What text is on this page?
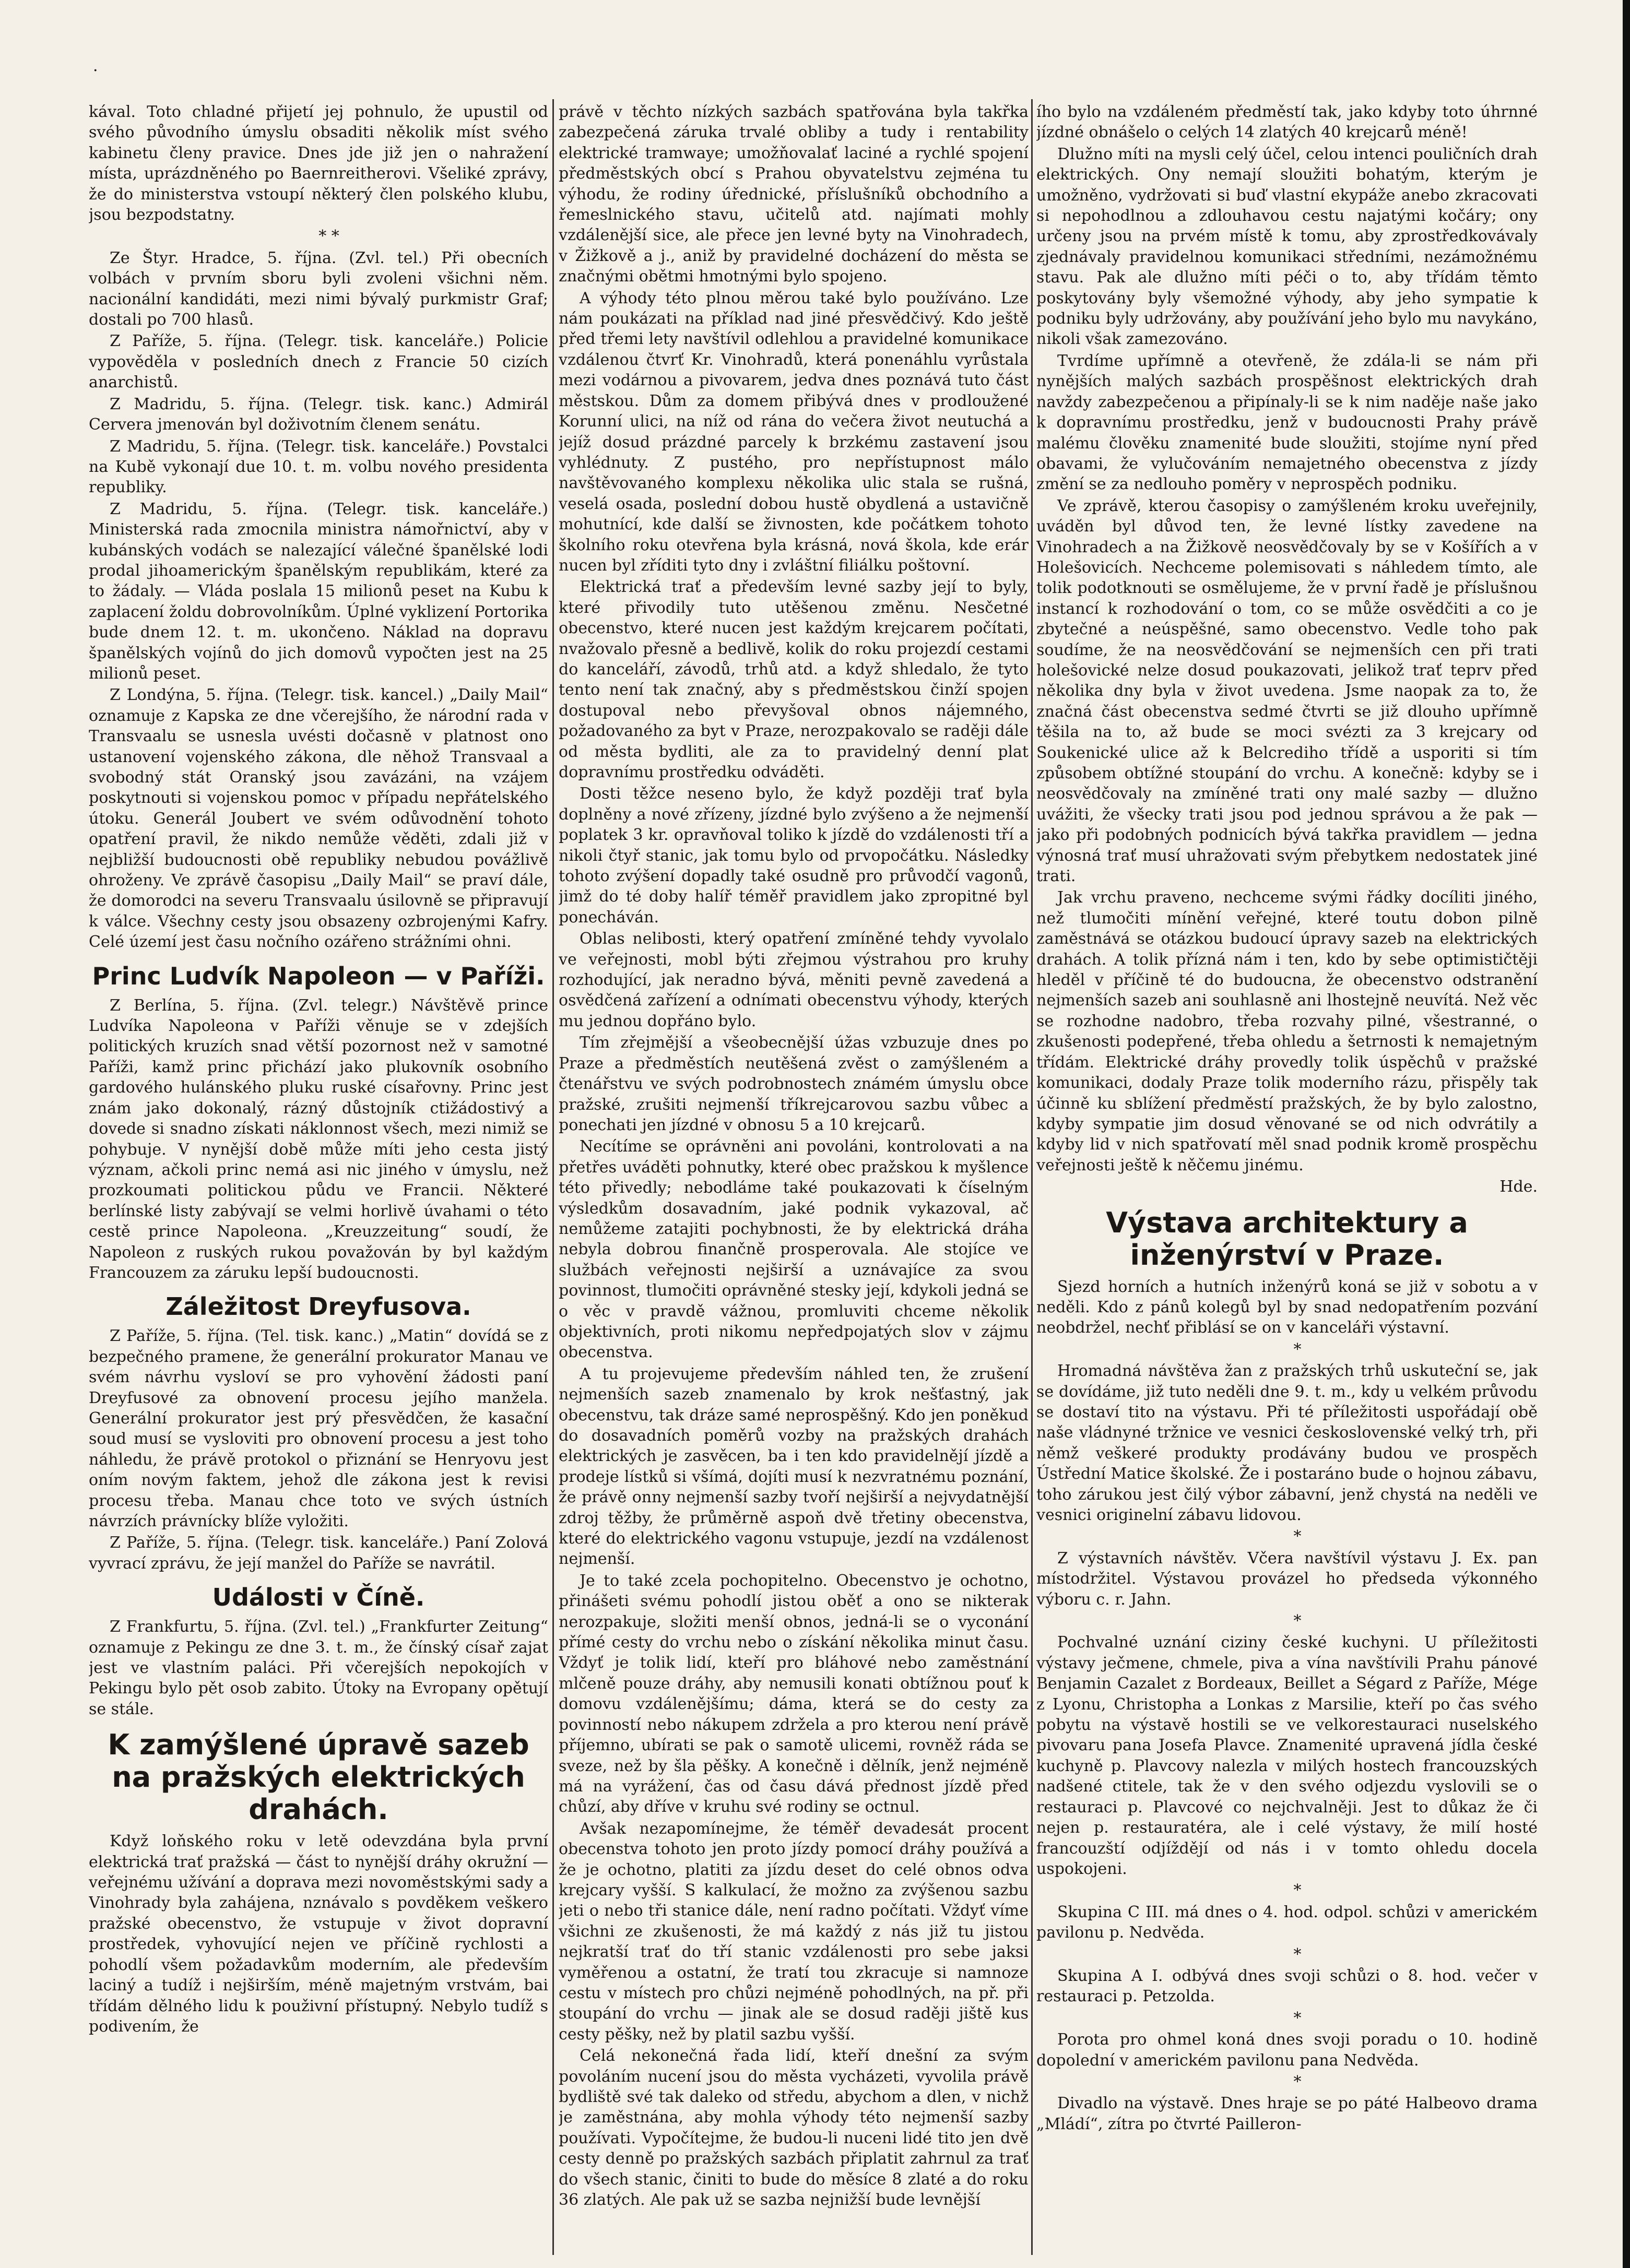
·

kával. Toto chladné přijetí jej pohnulo, že upustil od svého původního úmyslu obsaditi několik míst svého kabinetu členy pravice. Dnes jde již jen o nahražení místa, uprázdněného po Baernreitherovi. Všeliké zprávy, že do ministerstva vstoupí některý člen polského klubu, jsou bezpodstatny.

* *

Ze Štyr. Hradce, 5. října. (Zvl. tel.) Při obecních volbách v prvním sboru byli zvoleni všichni něm. nacionální kandidáti, mezi nimi bývalý purkmistr Graf; dostali po 700 hlasů.

Z Paříže, 5. října. (Telegr. tisk. kanceláře.) Policie vypověděla v posledních dnech z Francie 50 cizích anarchistů.

Z Madridu, 5. října. (Telegr. tisk. kanc.) Admirál Cervera jmenován byl doživotním členem senátu.

Z Madridu, 5. října. (Telegr. tisk. kanceláře.) Povstalci na Kubě vykonají due 10. t. m. volbu nového presidenta republiky.

Z Madridu, 5. října. (Telegr. tisk. kanceláře.) Ministerská rada zmocnila ministra námořnictví, aby v kubánských vodách se nalezající válečné španělské lodi prodal jihoamerickým španělským republikám, které za to žádaly. — Vláda poslala 15 milionů peset na Kubu k zaplacení žoldu dobrovolníkům. Úplné vyklizení Portorika bude dnem 12. t. m. ukončeno. Náklad na dopravu španělských vojínů do jich domovů vypočten jest na 25 milionů peset.

Z Londýna, 5. října. (Telegr. tisk. kancel.) „Daily Mail“ oznamuje z Kapska ze dne včerejšího, že národní rada v Transvaalu se usnesla uvésti dočasně v platnost ono ustanovení vojenského zákona, dle něhož Transvaal a svobodný stát Oranský jsou zavázáni, na vzájem poskytnouti si vojenskou pomoc v případu nepřátelského útoku. Generál Joubert ve svém odůvodnění tohoto opatření pravil, že nikdo nemůže věděti, zdali již v nejbližší budoucnosti obě republiky nebudou povážlivě ohroženy. Ve zprávě časopisu „Daily Mail“ se praví dále, že domorodci na severu Transvaalu úsilovně se připravují k válce. Všechny cesty jsou obsazeny ozbrojenými Kafry. Celé území jest času nočního ozářeno strážními ohni.

Princ Ludvík Napoleon — v Paříži.

Z Berlína, 5. října. (Zvl. telegr.) Návštěvě prince Ludvíka Napoleona v Paříži věnuje se v zdejších politických kruzích snad větší pozornost než v samotné Paříži, kamž princ přichází jako plukovník osobního gardového hulánského pluku ruské císařovny. Princ jest znám jako dokonalý, rázný důstojník ctižádostivý a dovede si snadno získati náklonnost všech, mezi nimiž se pohybuje. V nynější době může míti jeho cesta jistý význam, ačkoli princ nemá asi nic jiného v úmyslu, než prozkoumati politickou půdu ve Francii. Některé berlínské listy zabývají se velmi horlivě úvahami o této cestě prince Napoleona. „Kreuzzeitung“ soudí, že Napoleon z ruských rukou považován by byl každým Francouzem za záruku lepší budoucnosti.

Záležitost Dreyfusova.

Z Paříže, 5. října. (Tel. tisk. kanc.) „Matin“ dovídá se z bezpečného pramene, že generální prokurator Manau ve svém návrhu vysloví se pro vyhovění žádosti paní Dreyfusové za obnovení procesu jejího manžela. Generální prokurator jest prý přesvědčen, že kasační soud musí se vysloviti pro obnovení procesu a jest toho náhledu, že právě protokol o přiznání se Henryovu jest oním novým faktem, jehož dle zákona jest k revisi procesu třeba. Manau chce toto ve svých ústních návrzích právnícky blíže vyložiti.

Z Paříže, 5. října. (Telegr. tisk. kanceláře.) Paní Zolová vyvrací zprávu, že její manžel do Paříže se navrátil.

Události v Číně.

Z Frankfurtu, 5. října. (Zvl. tel.) „Frankfurter Zeitung“ oznamuje z Pekingu ze dne 3. t. m., že čínský císař zajat jest ve vlastním paláci. Při včerejších nepokojích v Pekingu bylo pět osob zabito. Útoky na Evropany opětují se stále.

K zamýšlené úpravě sazeb na pražských elektrických drahách.

Když loňského roku v letě odevzdána byla první elektrická trať pražská — část to nynější dráhy okružní — veřejnému užívání a doprava mezi novoměstskými sady a Vinohrady byla zahájena, nznávalo s povděkem veškero pražské obecenstvo, že vstupuje v život dopravní prostředek, vyhovující nejen ve příčině rychlosti a pohodlí všem požadavkům moderním, ale především laciný a tudíž i nejširším, méně majetným vrstvám, bai třídám dělného lidu k použivní přístupný. Nebylo tudíž s podivením, že

právě v těchto nízkých sazbách spatřována byla takřka zabezpečená záruka trvalé obliby a tudy i rentability elektrické tramwaye; umožňovalať laciné a rychlé spojení předměstských obcí s Prahou obyvatelstvu zejména tu výhodu, že rodiny úřednické, příslušníků obchodního a řemeslnického stavu, učitelů atd. najímati mohly vzdálenější sice, ale přece jen levné byty na Vinohradech, v Žižkově a j., aniž by pravidelné docházení do města se značnými obětmi hmotnými bylo spojeno.

A výhody této plnou měrou také bylo používáno. Lze nám poukázati na příklad nad jiné přesvědčivý. Kdo ještě před třemi lety navštívil odlehlou a pravidelné komunikace vzdálenou čtvrť Kr. Vinohradů, která ponenáhlu vyrůstala mezi vodárnou a pivovarem, jedva dnes poznává tuto část městskou. Dům za domem přibývá dnes v prodloužené Korunní ulici, na níž od rána do večera život neutuchá a jejíž dosud prázdné parcely k brzkému zastavení jsou vyhlédnuty. Z pustého, pro nepřístupnost málo navštěvovaného komplexu několika ulic stala se rušná, veselá osada, poslední dobou hustě obydlená a ustavičně mohutnící, kde další se živnosten, kde počátkem tohoto školního roku otevřena byla krásná, nová škola, kde erár nucen byl zříditi tyto dny i zvláštní filiálku poštovní.

Elektrická trať a především levné sazby její to byly, které přivodily tuto utěšenou změnu. Nesčetné obecenstvo, které nucen jest každým krejcarem počítati, nvažovalo přesně a bedlivě, kolik do roku projezdí cestami do kanceláří, závodů, trhů atd. a když shledalo, že tyto tento není tak značný, aby s předměstskou činží spojen dostupoval nebo převyšoval obnos nájemného, požadovaného za byt v Praze, nerozpakovalo se raději dále od města bydliti, ale za to pravidelný denní plat dopravnímu prostředku odváděti.

Dosti těžce neseno bylo, že když později trať byla doplněny a nové zřízeny, jízdné bylo zvýšeno a že nejmenší poplatek 3 kr. opravňoval toliko k jízdě do vzdálenosti tří a nikoli čtyř stanic, jak tomu bylo od prvopočátku. Následky tohoto zvýšení dopadly také osudně pro průvodčí vagonů, jimž do té doby halíř téměř pravidlem jako zpropitné byl ponecháván.

Oblas nelibosti, který opatření zmíněné tehdy vyvolalo ve veřejnosti, mobl býti zřejmou výstrahou pro kruhy rozhodující, jak neradno bývá, měniti pevně zavedená a osvědčená zařízení a odnímati obecenstvu výhody, kterých mu jednou dopřáno bylo.

Tím zřejmější a všeobecnější úžas vzbuzuje dnes po Praze a předměstích neutěšená zvěst o zamýšleném a čtenářstvu ve svých podrobnostech známém úmyslu obce pražské, zrušiti nejmenší tříkrejcarovou sazbu vůbec a ponechati jen jízdné v obnosu 5 a 10 krejcarů.

Necítíme se oprávněni ani povoláni, kontrolovati a na přetřes uváděti pohnutky, které obec pražskou k myšlence této přivedly; nebodláme také poukazovati k číselným výsledkům dosavadním, jaké podnik vykazoval, ač nemůžeme zatajiti pochybnosti, že by elektrická dráha nebyla dobrou finančně prosperovala. Ale stojíce ve službách veřejnosti nejširší a uznávajíce za svou povinnost, tlumočiti oprávněné stesky její, kdykoli jedná se o věc v pravdě vážnou, promluviti chceme několik objektivních, proti nikomu nepředpojatých slov v zájmu obecenstva.

A tu projevujeme především náhled ten, že zrušení nejmenších sazeb znamenalo by krok nešťastný, jak obecenstvu, tak dráze samé neprospěšný. Kdo jen poněkud do dosavadních poměrů vozby na pražských drahách elektrických je zasvěcen, ba i ten kdo pravidelnějí jízdě a prodeje lístků si všímá, dojíti musí k nezvratnému poznání, že právě onny nejmenší sazby tvoří nejširší a nejvydatnější zdroj těžby, že průměrně aspoň dvě třetiny obecenstva, které do elektrického vagonu vstupuje, jezdí na vzdálenost nejmenší.

Je to také zcela pochopitelno. Obecenstvo je ochotno, přinášeti svému pohodlí jistou oběť a ono se nikterak nerozpakuje, složiti menší obnos, jedná-li se o vyconání přímé cesty do vrchu nebo o získání několika minut času. Vždyť je tolik lidí, kteří pro bláhové nebo zaměstnání mlčeně pouze dráhy, aby nemusili konati obtížnou pouť k domovu vzdálenějšímu; dáma, která se do cesty za povinností nebo nákupem zdržela a pro kterou není právě příjemno, ubírati se pak o samotě ulicemi, rovněž ráda se sveze, než by šla pěšky. A konečně i dělník, jenž nejméně má na vyrážení, čas od času dává přednost jízdě před chůzí, aby dříve v kruhu své rodiny se octnul.

Avšak nezapomínejme, že téměř devadesát procent obecenstva tohoto jen proto jízdy pomocí dráhy používá a že je ochotno, platiti za jízdu deset do celé obnos odva krejcary vyšší. S kalkulací, že možno za zvýšenou sazbu jeti o nebo tři stanice dále, není radno počítati. Vždyť víme všichni ze zkušenosti, že má každý z nás již tu jistou nejkratší trať do tří stanic vzdálenosti pro sebe jaksi vyměřenou a ostatní, že tratí tou zkracuje si namnoze cestu v místech pro chůzi nejméně pohodlných, na př. při stoupání do vrchu — jinak ale se dosud raději jiště kus cesty pěšky, než by platil sazbu vyšší.

Celá nekonečná řada lidí, kteří dnešní za svým povoláním nucení jsou do města vycházeti, vyvolila právě bydliště své tak daleko od středu, abychom a dlen, v nichž je zaměstnána, aby mohla výhody této nejmenší sazby používati. Vypočítejme, že budou-li nuceni lidé tito jen dvě cesty denně po pražských sazbách připlatit zahrnul za trať do všech stanic, činiti to bude do měsíce 8 zlaté a do roku 36 zlatých. Ale pak už se sazba nejnižší bude levnější

ího bylo na vzdáleném předměstí tak, jako kdyby toto úhrnné jízdné obnášelo o celých 14 zlatých 40 krejcarů méně!

Dlužno míti na mysli celý účel, celou intenci pouličních drah elektrických. Ony nemají sloužiti bohatým, kterým je umožněno, vydržovati si buď vlastní ekypáže anebo zkracovati si nepohodlnou a zdlouhavou cestu najatými kočáry; ony určeny jsou na prvém místě k tomu, aby zprostředkovávaly zjednávaly pravidelnou komunikaci středními, nezámožnému stavu. Pak ale dlužno míti péči o to, aby třídám těmto poskytovány byly všemožné výhody, aby jeho sympatie k podniku byly udržovány, aby používání jeho bylo mu navykáno, nikoli však zamezováno.

Tvrdíme upřímně a otevřeně, že zdála-li se nám při nynějších malých sazbách prospěšnost elektrických drah navždy zabezpečenou a připínaly-li se k nim naděje naše jako k dopravnímu prostředku, jenž v budoucnosti Prahy právě malému člověku znamenité bude sloužiti, stojíme nyní před obavami, že vylučováním nemajetného obecenstva z jízdy změní se za nedlouho poměry v neprospěch podniku.

Ve zprávě, kterou časopisy o zamýšleném kroku uveřejnily, uváděn byl důvod ten, že levné lístky zavedene na Vinohradech a na Žižkově neosvědčovaly by se v Košířích a v Holešovicích. Nechceme polemisovati s náhledem tímto, ale tolik podotknouti se osmělujeme, že v první řadě je příslušnou instancí k rozhodování o tom, co se může osvědčiti a co je zbytečné a neúspěšné, samo obecenstvo. Vedle toho pak soudíme, že na neosvědčování se nejmenších cen při trati holešovické nelze dosud poukazovati, jelikož trať teprv před několika dny byla v život uvedena. Jsme naopak za to, že značná část obecenstva sedmé čtvrti se již dlouho upřímně těšila na to, až bude se moci svézti za 3 krejcary od Soukenické ulice až k Belcrediho třídě a usporiti si tím způsobem obtížné stoupání do vrchu. A konečně: kdyby se i neosvědčovaly na zmíněné trati ony malé sazby — dlužno uvážiti, že všecky trati jsou pod jednou správou a že pak — jako při podobných podnicích bývá takřka pravidlem — jedna výnosná trať musí uhražovati svým přebytkem nedostatek jiné trati.

Jak vrchu praveno, nechceme svými řádky docíliti jiného, než tlumočiti mínění veřejné, které toutu dobon pilně zaměstnává se otázkou budoucí úpravy sazeb na elektrických drahách. A tolik přízná nám i ten, kdo by sebe optimističtěji hleděl v příčině té do budoucna, že obecenstvo odstranění nejmenších sazeb ani souhlasně ani lhostejně neuvítá. Než věc se rozhodne nadobro, třeba rozvahy pilné, všestranné, o zkušenosti podepřené, třeba ohledu a šetrnosti k nemajetným třídám. Elektrické dráhy provedly tolik úspěchů v pražské komunikaci, dodaly Praze tolik moderního rázu, přispěly tak účinně ku sblížení předměstí pražských, že by bylo zalostno, kdyby sympatie jim dosud věnované se od nich odvrátily a kdyby lid v nich spatřovatí měl snad podnik kromě prospěchu veřejnosti ještě k něčemu jinému.

Hde.

Výstava architektury a inženýrství v Praze.

Sjezd horních a hutních inženýrů koná se již v sobotu a v neděli. Kdo z pánů kolegů byl by snad nedopatřením pozvání neobdržel, nechť přiblásí se on v kanceláři výstavní.

*

Hromadná návštěva žan z pražských trhů uskuteční se, jak se dovídáme, již tuto neděli dne 9. t. m., kdy u velkém průvodu se dostaví tito na výstavu. Při té příležitosti uspořádají obě naše vládnyné tržnice ve vesnici československé velký trh, při němž veškeré produkty prodávány budou ve prospěch Ústřední Matice školské. Že i postaráno bude o hojnou zábavu, toho zárukou jest čilý výbor zábavní, jenž chystá na neděli ve vesnici originelní zábavu lidovou.

*

Z výstavních návštěv. Včera navštívil výstavu J. Ex. pan místodržitel. Výstavou provázel ho předseda výkonného výboru c. r. Jahn.

*

Pochvalné uznání ciziny české kuchyni. U příležitosti výstavy ječmene, chmele, piva a vína navštívili Prahu pánové Benjamin Cazalet z Bordeaux, Beillet a Ségard z Paříže, Mége z Lyonu, Christopha a Lonkas z Marsilie, kteří po čas svého pobytu na výstavě hostili se ve velkorestauraci nuselského pivovaru pana Josefa Plavce. Znamenité upravená jídla české kuchyně p. Plavcovy nalezla v milých hostech francouzských nadšené ctitele, tak že v den svého odjezdu vyslovili se o restauraci p. Plavcové co nejchvalněji. Jest to důkaz že či nejen p. restauratéra, ale i celé výstavy, že milí hosté francouzští odjíždějí od nás i v tomto ohledu docela uspokojeni.

*

Skupina C III. má dnes o 4. hod. odpol. schůzi v americkém pavilonu p. Nedvěda.

*

Skupina A I. odbývá dnes svoji schůzi o 8. hod. večer v restauraci p. Petzolda.

*

Porota pro ohmel koná dnes svoji poradu o 10. hodině dopolední v americkém pavilonu pana Nedvěda.

*

Divadlo na výstavě. Dnes hraje se po páté Halbeovo drama „Mládí“, zítra po čtvrté Pailleron-
